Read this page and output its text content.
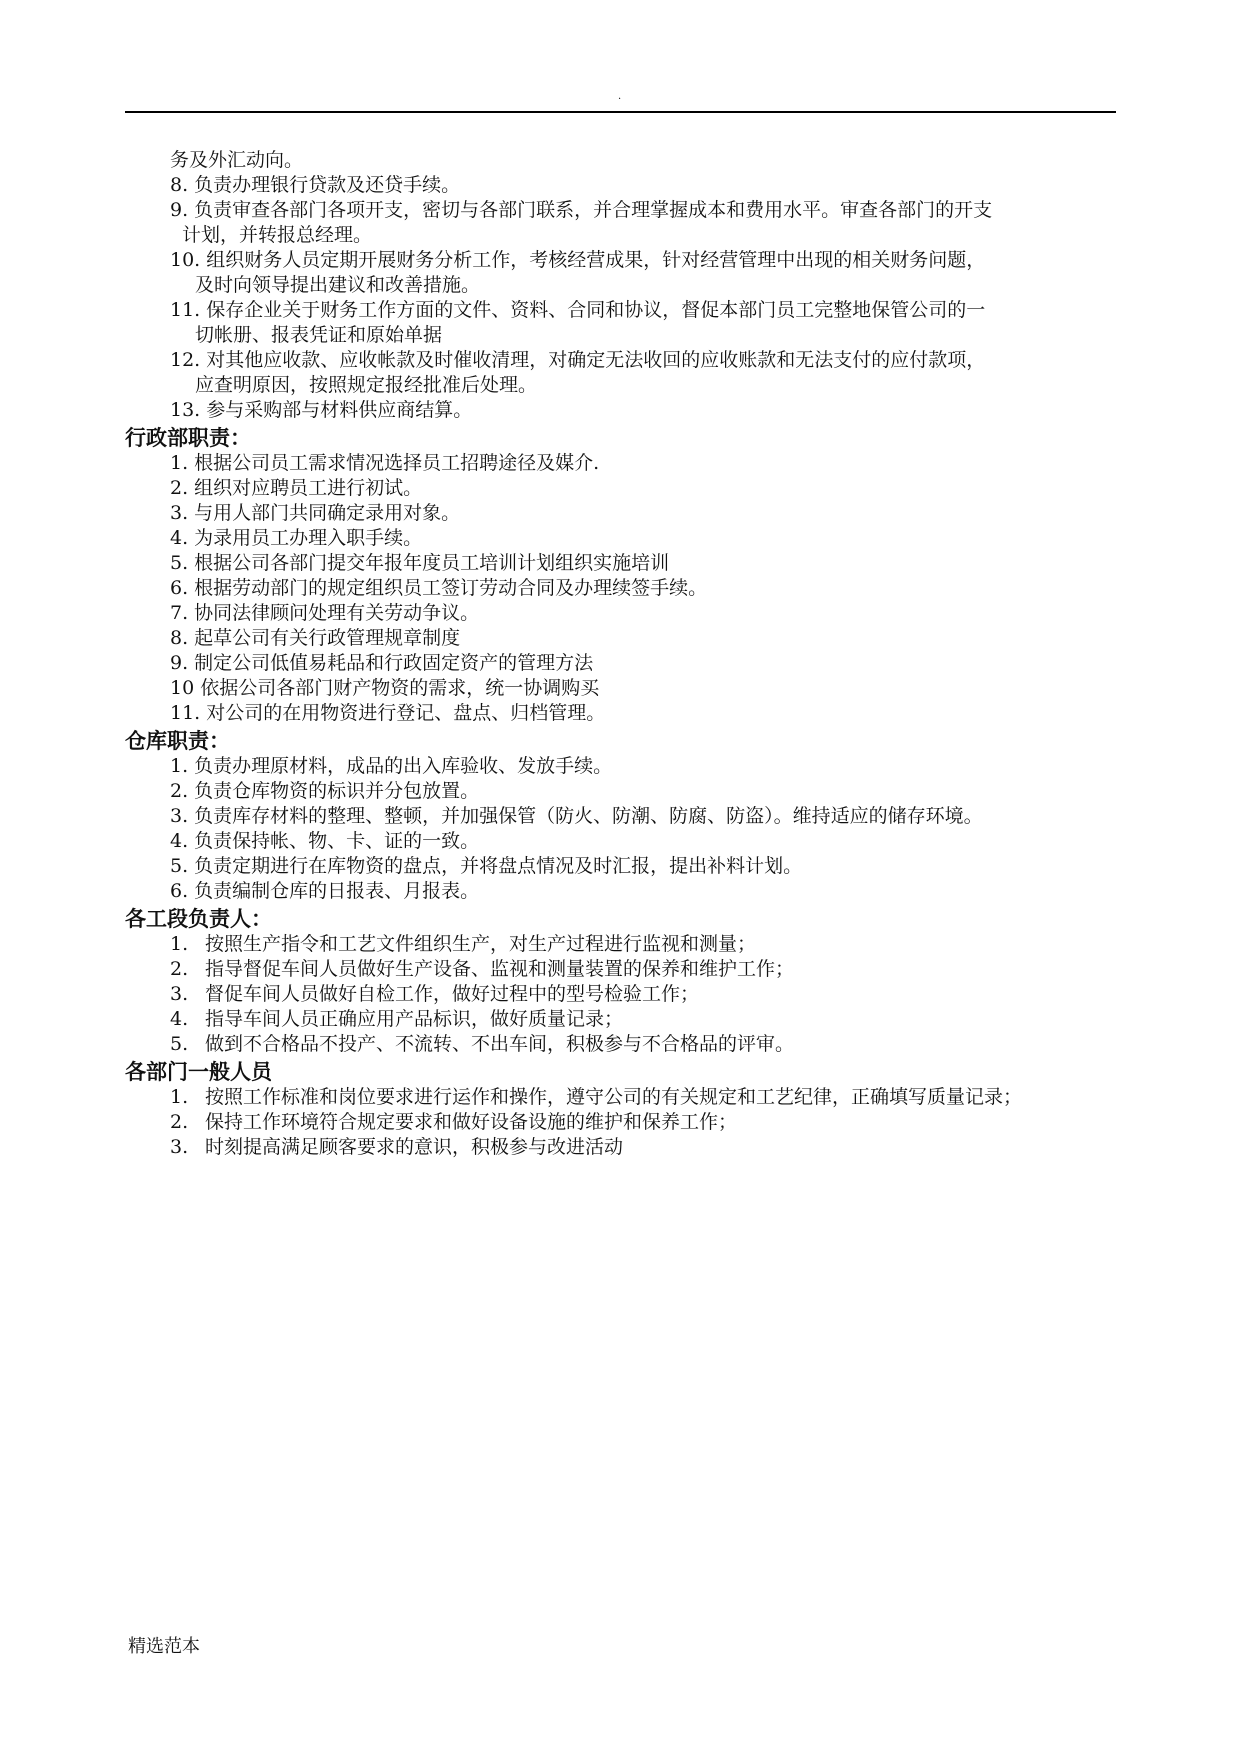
.
务及外汇动向。
8. 负责办理银行贷款及还贷手续。
9. 负责审查各部门各项开支，密切与各部门联系，并合理掌握成本和费用水平。审查各部门的开支
计划，并转报总经理。
10. 组织财务人员定期开展财务分析工作，考核经营成果，针对经营管理中出现的相关财务问题，
及时向领导提出建议和改善措施。
11. 保存企业关于财务工作方面的文件、资料、合同和协议，督促本部门员工完整地保管公司的一
切帐册、报表凭证和原始单据
12. 对其他应收款、应收帐款及时催收清理，对确定无法收回的应收账款和无法支付的应付款项，
应查明原因，按照规定报经批准后处理。
13. 参与采购部与材料供应商结算。
行政部职责：
1. 根据公司员工需求情况选择员工招聘途径及媒介.
2. 组织对应聘员工进行初试。
3. 与用人部门共同确定录用对象。
4. 为录用员工办理入职手续。
5. 根据公司各部门提交年报年度员工培训计划组织实施培训
6. 根据劳动部门的规定组织员工签订劳动合同及办理续签手续。
7. 协同法律顾问处理有关劳动争议。
8. 起草公司有关行政管理规章制度
9. 制定公司低值易耗品和行政固定资产的管理方法
10 依据公司各部门财产物资的需求，统一协调购买
11. 对公司的在用物资进行登记、盘点、归档管理。
仓库职责：
1. 负责办理原材料，成品的出入库验收、发放手续。
2. 负责仓库物资的标识并分包放置。
3. 负责库存材料的整理、整顿，并加强保管（防火、防潮、防腐、防盗）。维持适应的储存环境。
4. 负责保持帐、物、卡、证的一致。
5. 负责定期进行在库物资的盘点，并将盘点情况及时汇报，提出补料计划。
6. 负责编制仓库的日报表、月报表。
各工段负责人：
1. 按照生产指令和工艺文件组织生产，对生产过程进行监视和测量；
2. 指导督促车间人员做好生产设备、监视和测量装置的保养和维护工作；
3. 督促车间人员做好自检工作，做好过程中的型号检验工作；
4. 指导车间人员正确应用产品标识，做好质量记录；
5. 做到不合格品不投产、不流转、不出车间，积极参与不合格品的评审。
各部门一般人员
1. 按照工作标准和岗位要求进行运作和操作，遵守公司的有关规定和工艺纪律，正确填写质量记录；
2. 保持工作环境符合规定要求和做好设备设施的维护和保养工作；
3. 时刻提高满足顾客要求的意识，积极参与改进活动
精选范本
